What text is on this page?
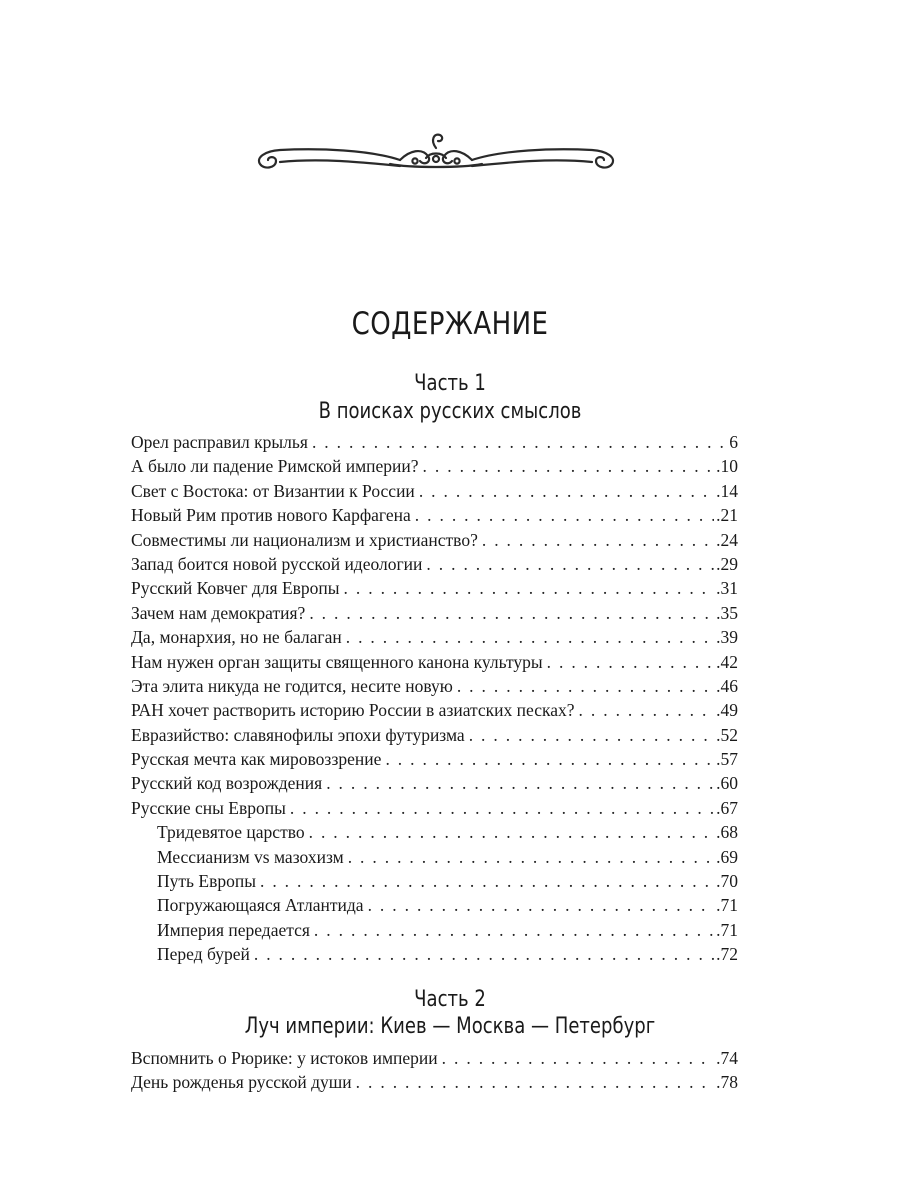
СОДЕРЖАНИЕ
Часть 1
В поисках русских смыслов
Орел расправил крылья . . .	6
А было ли падение Римской империи? . . .	.10
Свет с Востока: от Византии к России . . .	.14
Новый Рим против нового Карфагена . . .	.21
Совместимы ли национализм и христианство? . . .	.24
Запад боится новой русской идеологии . . .	.29
Русский Ковчег для Европы . . .	.31
Зачем нам демократия? . . .	.35
Да, монархия, но не балаган . . .	.39
Нам нужен орган защиты священного канона культуры . . .	.42
Эта элита никуда не годится, несите новую . . .	.46
РАН хочет растворить историю России в азиатских песках? . . .	.49
Евразийство: славянофилы эпохи футуризма . . .	.52
Русская мечта как мировоззрение . . .	.57
Русский код возрождения . . .	.60
Русские сны Европы . . .	.67
Тридевятое царство . . .	.68
Мессианизм vs мазохизм . . .	.69
Путь Европы . . .	.70
Погружающаяся Атлантида . . .	.71
Империя передается . . .	.71
Перед бурей . . .	.72
Часть 2
Луч империи: Киев — Москва — Петербург
Вспомнить о Рюрике: у истоков империи . . .	.74
День рожденья русской души . . .	.78
